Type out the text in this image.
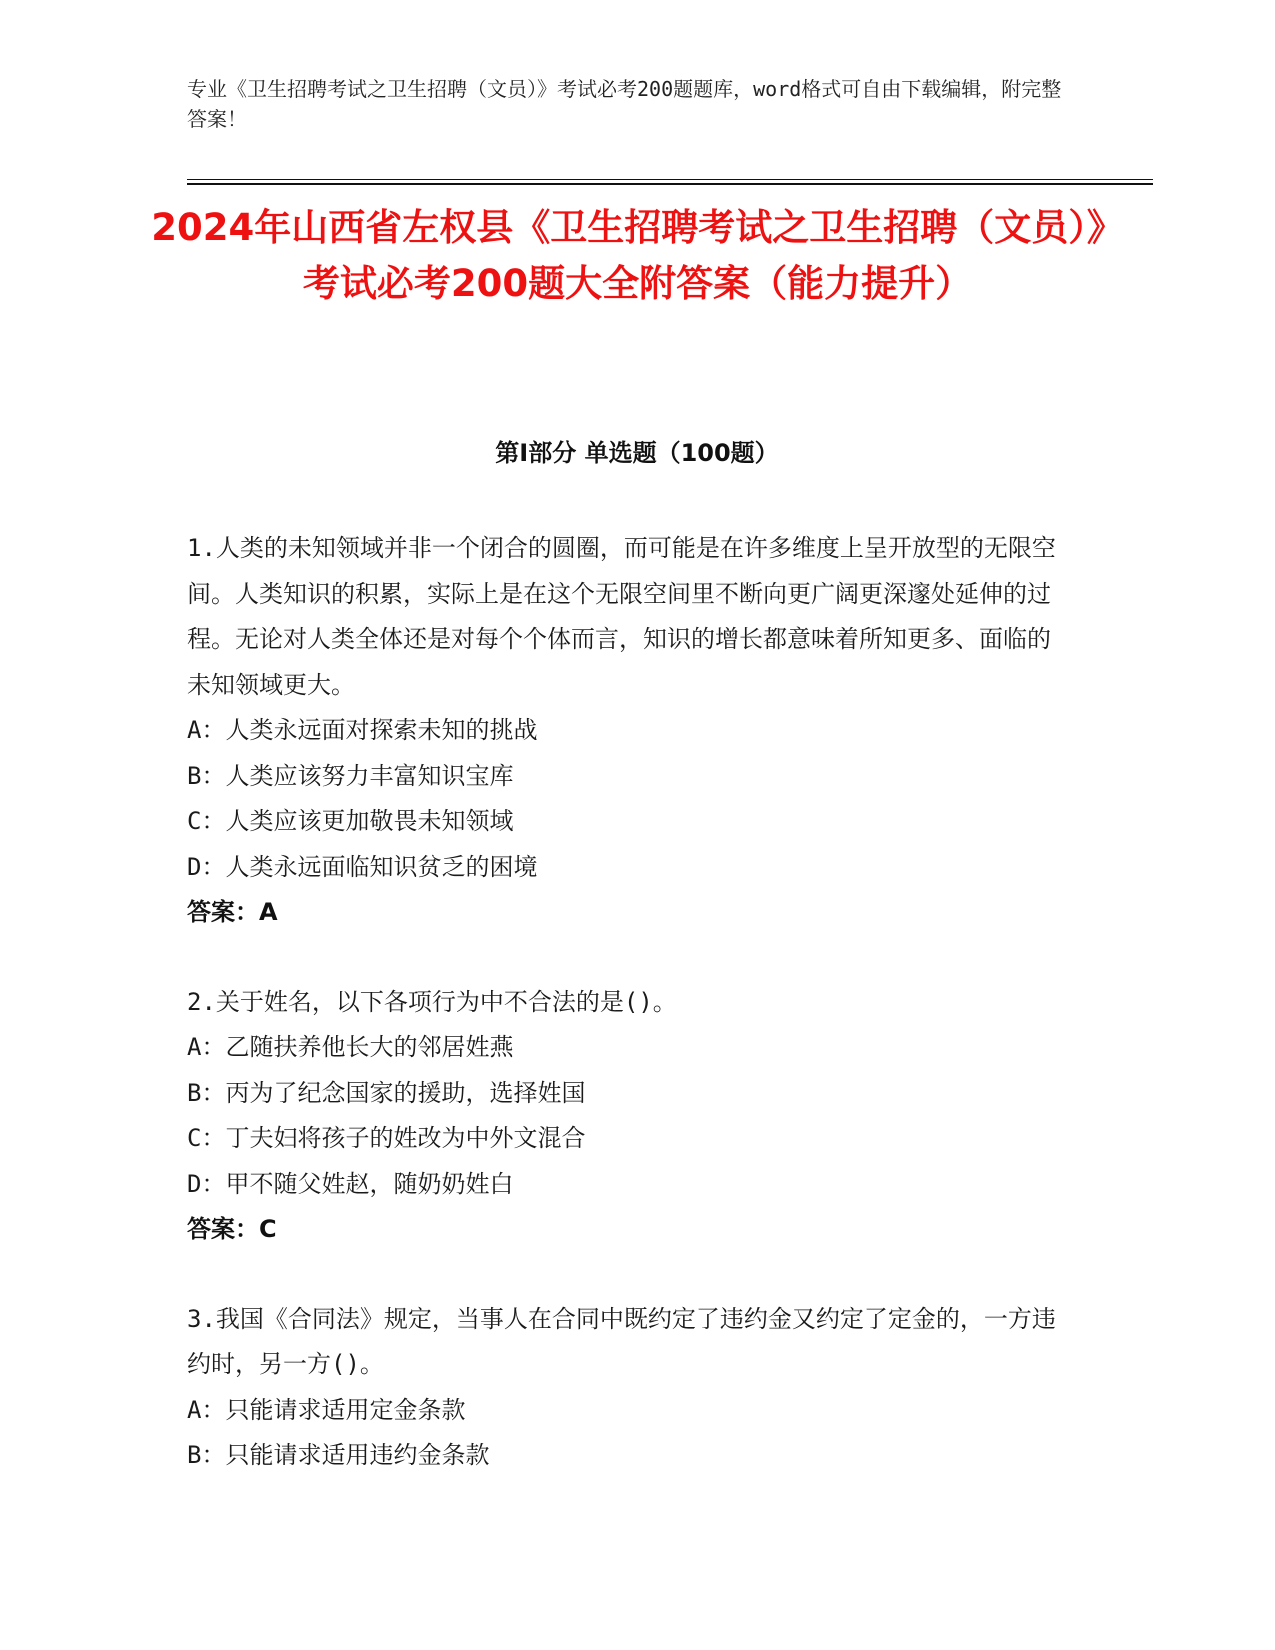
专业《卫生招聘考试之卫生招聘（文员）》考试必考200题题库，word格式可自由下载编辑，附完整答案！
2024年山西省左权县《卫生招聘考试之卫生招聘（文员）》考试必考200题大全附答案（能力提升）
第I部分 单选题（100题）

1.人类的未知领域并非一个闭合的圆圈，而可能是在许多维度上呈开放型的无限空间。人类知识的积累，实际上是在这个无限空间里不断向更广阔更深邃处延伸的过程。无论对人类全体还是对每个个体而言，知识的增长都意味着所知更多、面临的未知领域更大。

A：人类永远面对探索未知的挑战

B：人类应该努力丰富知识宝库

C：人类应该更加敬畏未知领域

D：人类永远面临知识贫乏的困境

答案：A

2.关于姓名，以下各项行为中不合法的是()。

A：乙随扶养他长大的邻居姓燕

B：丙为了纪念国家的援助，选择姓国

C：丁夫妇将孩子的姓改为中外文混合

D：甲不随父姓赵，随奶奶姓白

答案：C

3.我国《合同法》规定，当事人在合同中既约定了违约金又约定了定金的，一方违约时，另一方()。

A：只能请求适用定金条款

B：只能请求适用违约金条款
